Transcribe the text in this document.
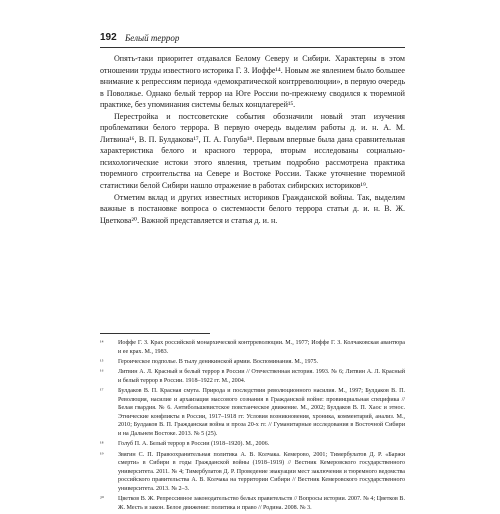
192 Белый террор

Опять-таки приоритет отдавался Белому Северу и Сибири. Характерны в этом отношении труды известного историка Г. З. Иоффе¹⁴. Новым же явлением было большее внимание к репрессиям периода «демократической контрреволюции», в первую очередь в Поволжье. Однако белый террор на Юге России по-прежнему сводился к тюремной практике, без упоминания системы белых концлагерей¹⁵.

Перестройка и постсоветские события обозначили новый этап изучения проблематики белого террора. В первую очередь выделим работы д. и. н. А. М. Литвина¹⁶, В. П. Булдакова¹⁷, П. А. Голуба¹⁸. Первым впервые была дана сравнительная характеристика белого и красного террора, вторым исследованы социально-психологические истоки этого явления, третьим подробно рассмотрена практика тюремного строительства на Севере и Востоке России. Также уточнение тюремной статистики белой Сибири нашло отражение в работах сибирских историков¹⁹.

Отметим вклад и других известных историков Гражданской войны. Так, выделим важные в постановке вопроса о системности белого террора статьи д. и. н. В. Ж. Цветкова²⁰. Важной представляется и статья д. и. н.

¹⁴	Иоффе Г. З. Крах российской монархической контрреволюции. М., 1977; Иоффе Г. З. Колчаковская авантюра и ее крах. М., 1983.
¹⁵	Героическое подполье. В тылу деникинской армии. Воспоминания. М., 1975.
¹⁶	Литвин А. Л. Красный и белый террор в России // Отечественная история. 1993. № 6; Литвин А. Л. Красный и белый террор в России. 1918–1922 гг. М., 2004.
¹⁷	Булдаков В. П. Красная смута. Природа и последствия революционного насилия. М., 1997; Булдаков В. П. Революция, насилие и архаизация массового сознания в Гражданской войне: провинциальная специфика // Белая гвардия. № 6. Антибольшевистское повстанческое движение. М., 2002; Булдаков В. П. Хаос и этнос. Этнические конфликты в России, 1917–1918 гг. Условия возникновения, хроника, комментарий, анализ. М., 2010; Булдаков В. П. Гражданская война и проза 20-х гг. // Гуманитарные исследования в Восточной Сибири и на Дальнем Востоке. 2013. № 5 (25).
¹⁸	Голуб П. А. Белый террор в России (1918–1920). М., 2006.
¹⁹	Звягин С. П. Правоохранительная политика А. В. Колчака. Кемерово, 2001; Тимербулатов Д. Р. «Баржи смерти» в Сибири в годы Гражданской войны (1918–1919) // Вестник Кемеровского государственного университета. 2011. № 4; Тимербулатов Д. Р. Проведение эвакуации мест заключения и тюремного ведомства российского правительства А. В. Колчака на территории Сибири // Вестник Кемеровского государственного университета. 2013. № 2–3.
²⁰	Цветков В. Ж. Репрессивное законодательство белых правительств // Вопросы истории. 2007. № 4; Цветков В. Ж. Месть и закон. Белое движение: политика и право // Родина. 2008. № 3.
